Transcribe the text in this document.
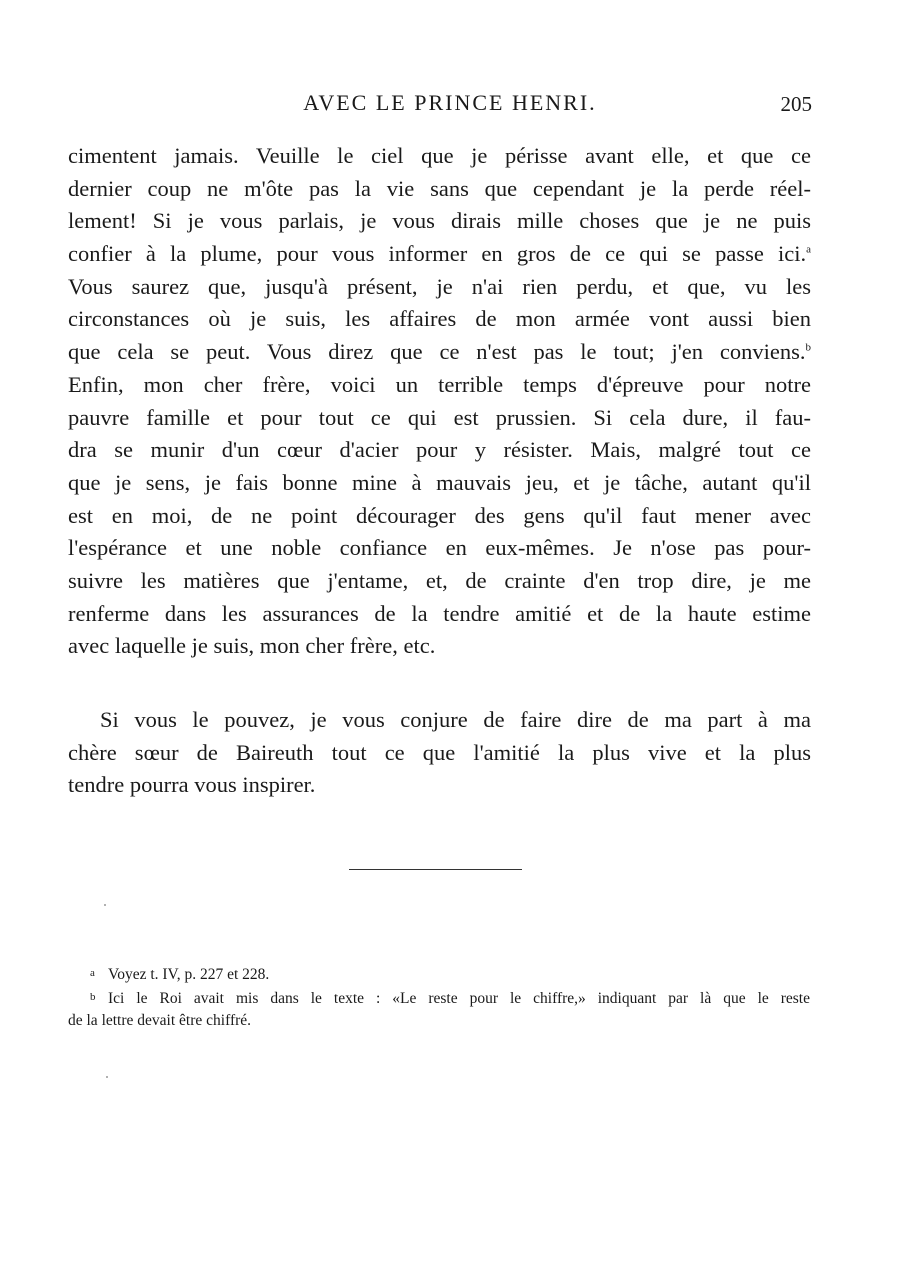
AVEC LE PRINCE HENRI.	205
cimentent jamais. Veuille le ciel que je périsse avant elle, et que ce
dernier coup ne m'ôte pas la vie sans que cependant je la perde réel-
lement! Si je vous parlais, je vous dirais mille choses que je ne puis
confier à la plume, pour vous informer en gros de ce qui se passe ici.$^a$
Vous saurez que, jusqu'à présent, je n'ai rien perdu, et que, vu les
circonstances où je suis, les affaires de mon armée vont aussi bien
que cela se peut. Vous direz que ce n'est pas le tout; j'en conviens.$^b$
Enfin, mon cher frère, voici un terrible temps d'épreuve pour notre
pauvre famille et pour tout ce qui est prussien. Si cela dure, il fau-
dra se munir d'un cœur d'acier pour y résister. Mais, malgré tout ce
que je sens, je fais bonne mine à mauvais jeu, et je tâche, autant qu'il
est en moi, de ne point décourager des gens qu'il faut mener avec
l'espérance et une noble confiance en eux-mêmes. Je n'ose pas pour-
suivre les matières que j'entame, et, de crainte d'en trop dire, je me
renferme dans les assurances de la tendre amitié et de la haute estime
avec laquelle je suis, mon cher frère, etc.
Si vous le pouvez, je vous conjure de faire dire de ma part à ma
chère sœur de Baireuth tout ce que l'amitié la plus vive et la plus
tendre pourra vous inspirer.
a Voyez t. IV, p. 227 et 228.
b Ici le Roi avait mis dans le texte : «Le reste pour le chiffre,» indiquant par là que le reste
de la lettre devait être chiffré.
